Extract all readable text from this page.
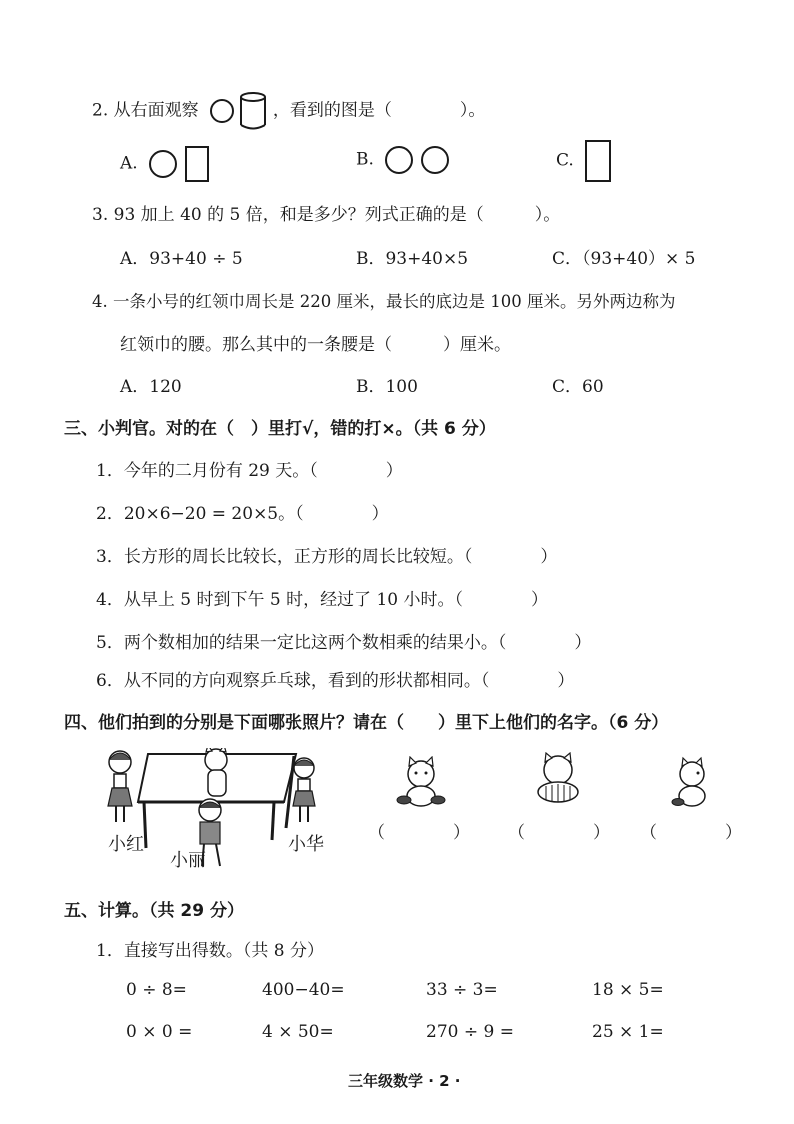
2. 从右面观察	，看到的图是（　　　　）。
A.	B.	C.
3. 93 加上 40 的 5 倍，和是多少？列式正确的是（　　　）。
A．93+40 ÷ 5	B．93+40×5	C．（93+40）× 5
4. 一条小号的红领巾周长是 220 厘米，最长的底边是 100 厘米。另外两边称为
红领巾的腰。那么其中的一条腰是（　　　）厘米。
A．120	B．100	C．60
三、小判官。对的在（　）里打√，错的打×。（共 6 分）
1．今年的二月份有 29 天。（　　　　）
2．20×6−20 = 20×5。（　　　　）
3．长方形的周长比较长，正方形的周长比较短。（　　　　）
4．从早上 5 时到下午 5 时，经过了 10 小时。（　　　　）
5．两个数相加的结果一定比这两个数相乘的结果小。（　　　　）
6．从不同的方向观察乒乓球，看到的形状都相同。（　　　　）
四、他们拍到的分别是下面哪张照片？请在（　　）里下上他们的名字。（6 分）
小红
小丽
小华
（　　　　） （　　　　） （　　　　）
五、计算。（共 29 分）
1．直接写出得数。（共 8 分）
0 ÷ 8=	400−40=	33 ÷ 3=	18 × 5=
0 × 0 =	4 × 50=	270 ÷ 9 =	25 × 1=
三年级数学 · 2 ·
